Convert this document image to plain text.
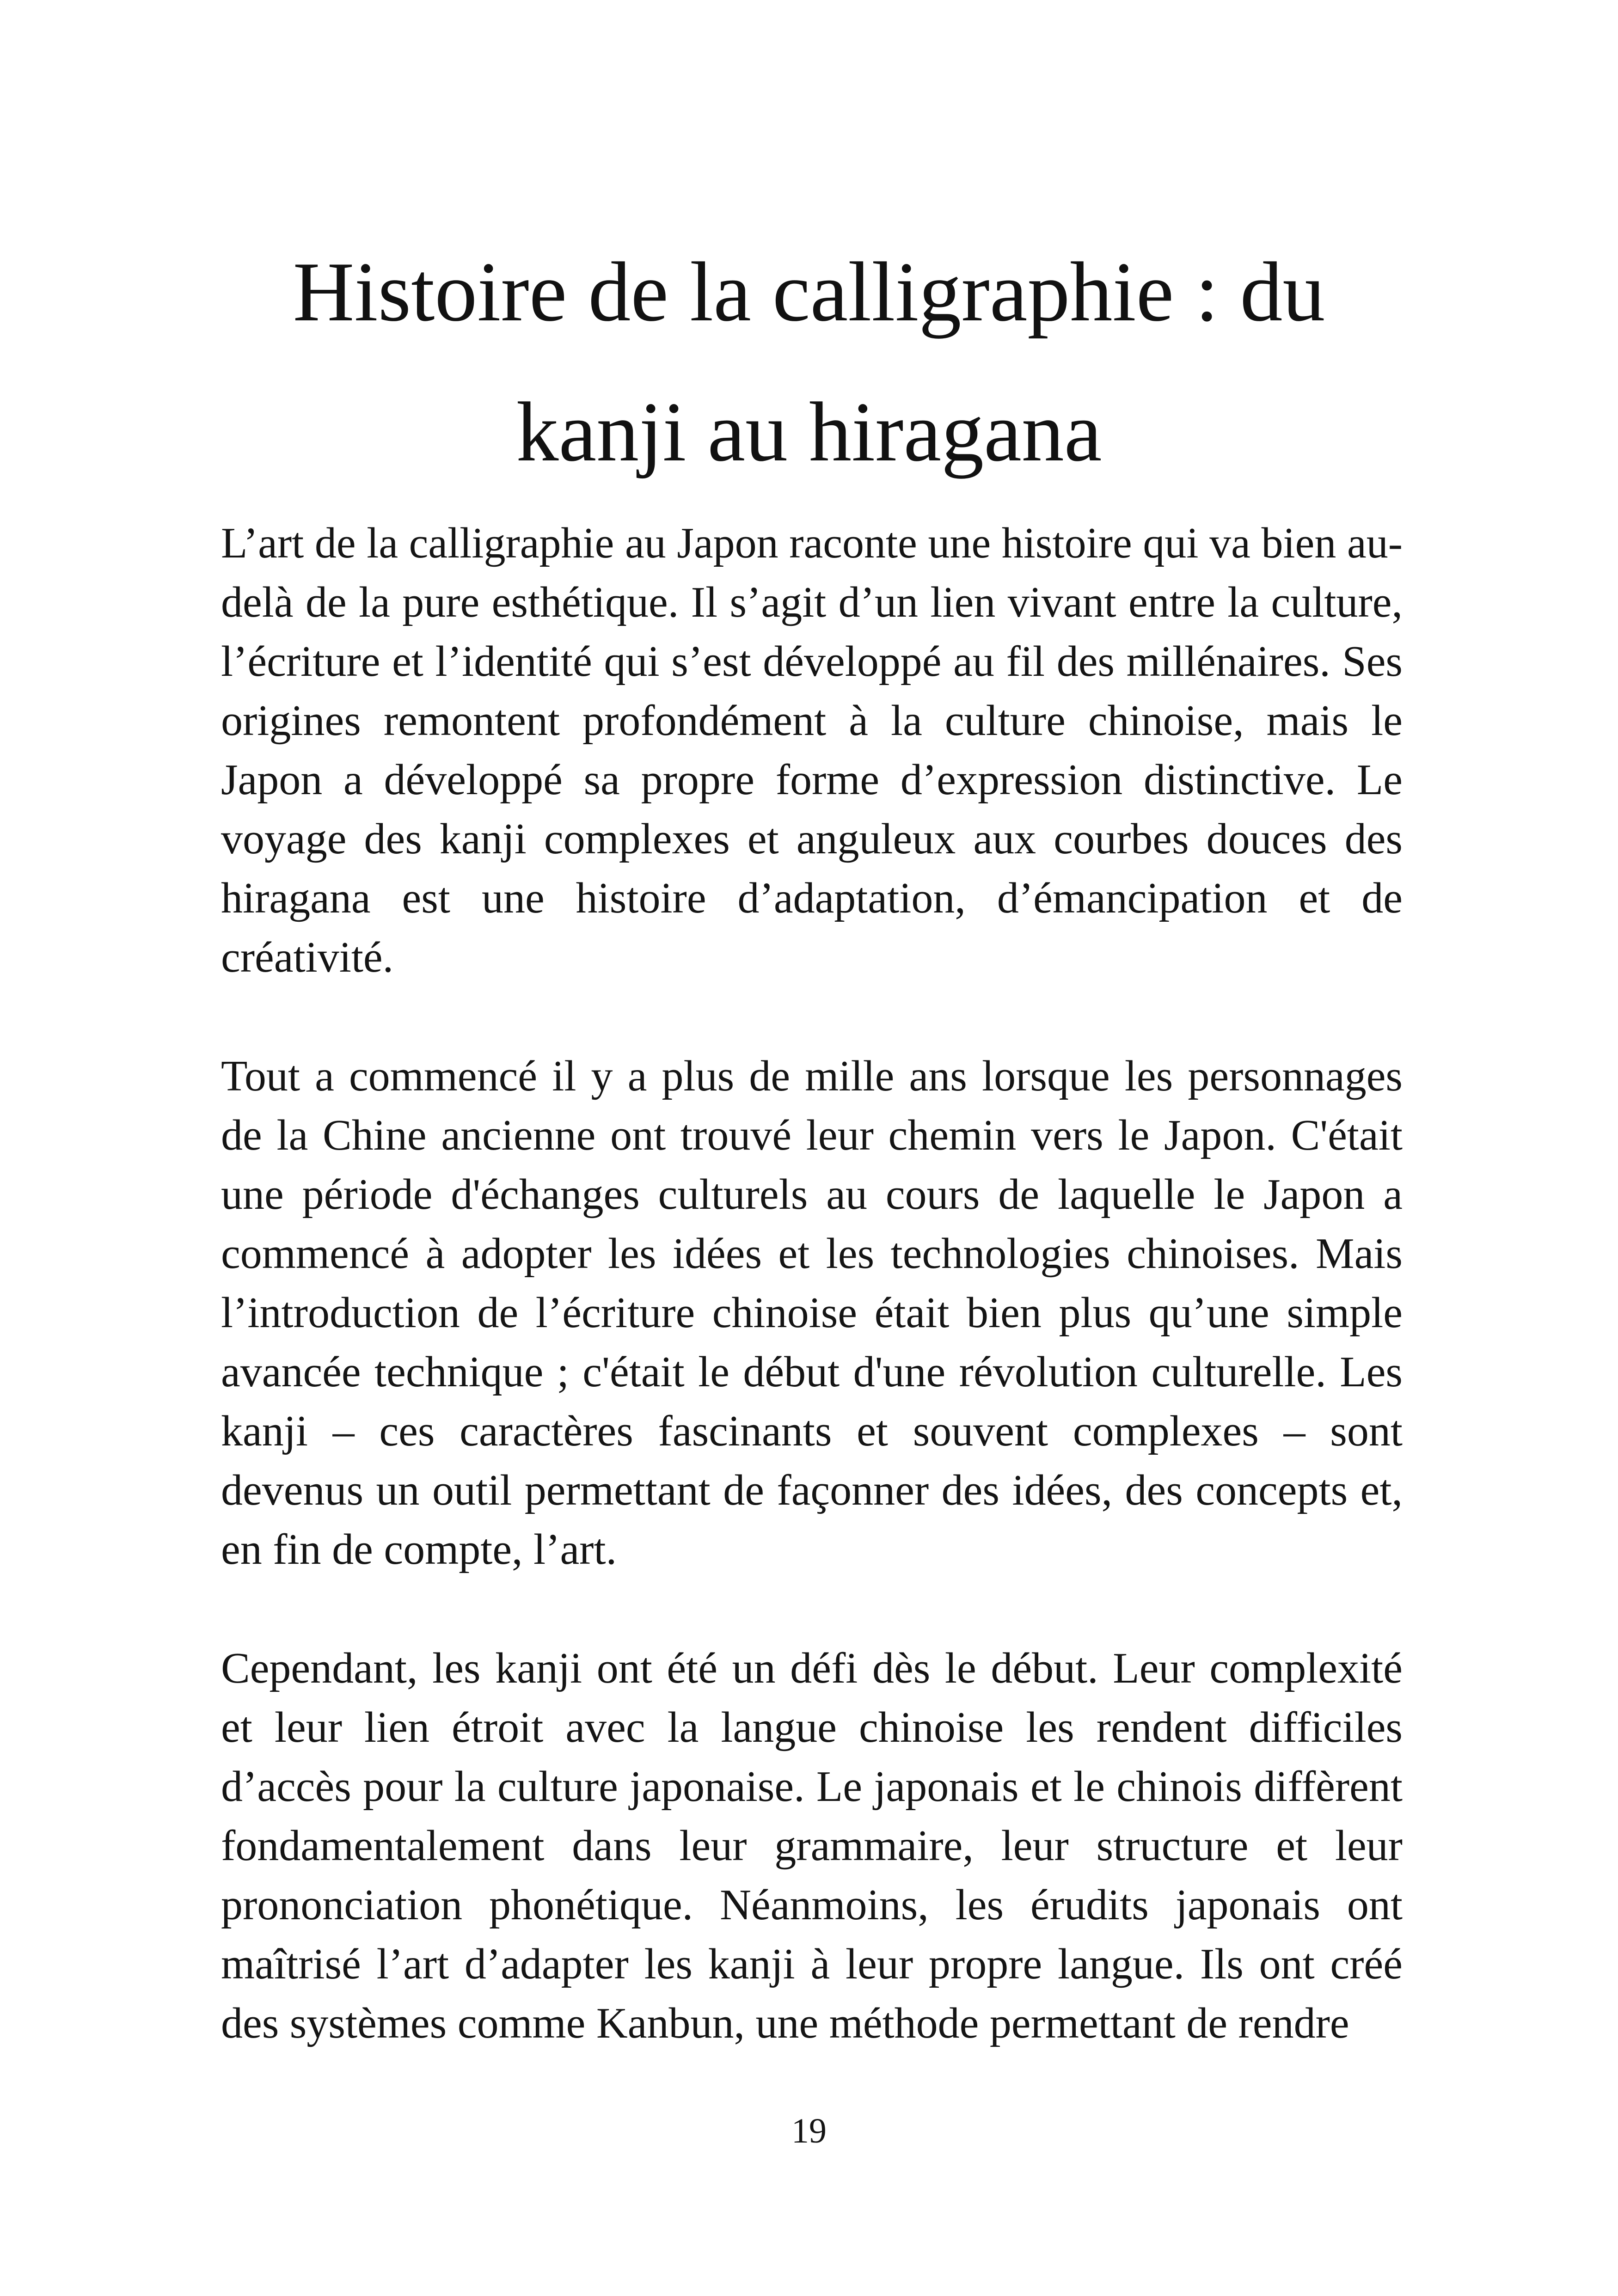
Histoire de la calligraphie : du
kanji au hiragana

L’art de la calligraphie au Japon raconte une histoire qui va bien au-delà de la pure esthétique. Il s’agit d’un lien vivant entre la culture, l’écriture et l’identité qui s’est développé au fil des millénaires. Ses origines remontent profondément à la culture chinoise, mais le Japon a développé sa propre forme d’expression distinctive. Le voyage des kanji complexes et anguleux aux courbes douces des hiragana est une histoire d’adaptation, d’émancipation et de créativité.

Tout a commencé il y a plus de mille ans lorsque les personnages de la Chine ancienne ont trouvé leur chemin vers le Japon. C'était une période d'échanges culturels au cours de laquelle le Japon a commencé à adopter les idées et les technologies chinoises. Mais l’introduction de l’écriture chinoise était bien plus qu’une simple avancée technique ; c'était le début d'une révolution culturelle. Les kanji – ces caractères fascinants et souvent complexes – sont devenus un outil permettant de façonner des idées, des concepts et, en fin de compte, l’art.

Cependant, les kanji ont été un défi dès le début. Leur complexité et leur lien étroit avec la langue chinoise les rendent difficiles d’accès pour la culture japonaise. Le japonais et le chinois diffèrent fondamentalement dans leur grammaire, leur structure et leur prononciation phonétique. Néanmoins, les érudits japonais ont maîtrisé l’art d’adapter les kanji à leur propre langue. Ils ont créé des systèmes comme Kanbun, une méthode permettant de rendre

19
